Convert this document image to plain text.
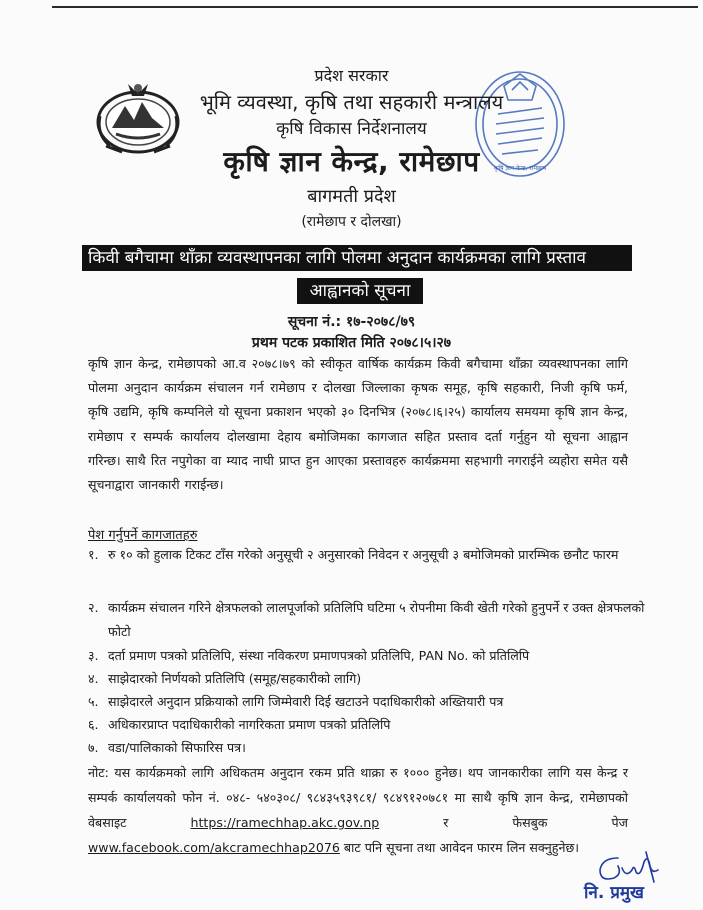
कृषि ज्ञान केन्द्र, रामेछाप
प्रदेश सरकार
भूमि व्यवस्था, कृषि तथा सहकारी मन्त्रालय
कृषि विकास निर्देशनालय
कृषि ज्ञान केन्द्र, रामेछाप
बागमती प्रदेश
(रामेछाप र दोलखा)
किवी बगैचामा थाँक्रा व्यवस्थापनका लागि पोलमा अनुदान कार्यक्रमका लागि प्रस्ताव
आह्वानको सूचना
सूचना नं.: १७-२०७८/७९
प्रथम पटक प्रकाशित मिति २०७८।५।२७
कृषि ज्ञान केन्द्र, रामेछापको आ.व २०७८।७९ को स्वीकृत वार्षिक कार्यक्रम किवी बगैचामा थाँक्रा व्यवस्थापनका लागि पोलमा अनुदान कार्यक्रम संचालन गर्न रामेछाप र दोलखा जिल्लाका कृषक समूह, कृषि सहकारी, निजी कृषि फर्म, कृषि उद्यमि, कृषि कम्पनिले यो सूचना प्रकाशन भएको ३० दिनभित्र (२०७८।६।२५) कार्यालय समयमा कृषि ज्ञान केन्द्र, रामेछाप र सम्पर्क कार्यालय दोलखामा देहाय बमोजिमका कागजात सहित प्रस्ताव दर्ता गर्नुहुन यो सूचना आह्वान गरिन्छ। साथै रित नपुगेका वा म्याद नाघी प्राप्त हुन आएका प्रस्तावहरु कार्यक्रममा सहभागी नगराईने व्यहोरा समेत यसै सूचनाद्वारा जानकारी गराईन्छ।
पेश गर्नुपर्ने कागजातहरु
१. रु १० को हुलाक टिकट टाँस गरेको अनुसूची २ अनुसारको निवेदन र अनुसूची ३ बमोजिमको प्रारम्भिक छनौट फारम
२. कार्यक्रम संचालन गरिने क्षेत्रफलको लालपूर्जाको प्रतिलिपि घटिमा ५ रोपनीमा किवी खेती गरेको हुनुपर्ने र उक्त क्षेत्रफलको फोटो
३. दर्ता प्रमाण पत्रको प्रतिलिपि, संस्था नविकरण प्रमाणपत्रको प्रतिलिपि, PAN No. को प्रतिलिपि
४. साझेदारको निर्णयको प्रतिलिपि (समूह/सहकारीको लागि)
५. साझेदारले अनुदान प्रक्रियाको लागि जिम्मेवारी दिई खटाउने पदाधिकारीको अख्तियारी पत्र
६. अधिकारप्राप्त पदाधिकारीको नागरिकता प्रमाण पत्रको प्रतिलिपि
७. वडा/पालिकाको सिफारिस पत्र।
नोट: यस कार्यक्रमको लागि अधिकतम अनुदान रकम प्रति थाक्रा रु १००० हुनेछ। थप जानकारीका लागि यस केन्द्र र सम्पर्क कार्यालयको फोन नं. ०४८- ५४०३०८/ ९८४३५९३९८१/ ९८४९१२०७८१ मा साथै कृषि ज्ञान केन्द्र, रामेछापको वेबसाइट	https://ramechhap.akc.gov.np	र फेसबुक पेज www.facebook.com/akcramechhap2076 बाट पनि सूचना तथा आवेदन फारम लिन सक्नुहुनेछ।
नि. प्रमुख
